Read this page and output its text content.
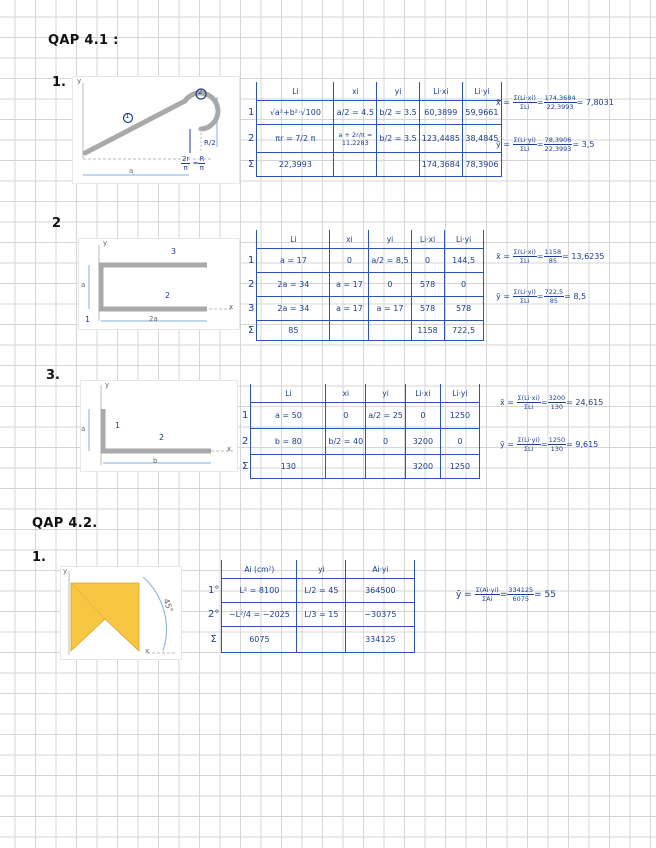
QAP 4.1 :
QAP 4.2.
1. y
1
2
R/2
a	$\frac{2r}{\pi} = \frac{R}{\pi}$
	Li	xi	yi	Li·xi	Li·yi
1	√a²+b²·√100	a/2 = 4.5	b/2 = 3.5	60,3899	59,9661
2	πr = 7/2 π	a + 2r/π = 11,2283	b/2 = 3.5	123,4485	38,4845
Σ	22,3993			174,3684	78,3906
x̄ = $\frac{\Sigma(Li\cdot xi)}{\text{ΣLi}} = \frac{174,3684}{22,3993} = 7,8031$
ȳ = $\frac{\Sigma(Li\cdot yi)}{\text{ΣLi}} = \frac{78,3906}{22,3993} = 3,5$
2
y
3
2
1
a
2a
x
	Li	xi	yi	Li·xi	Li·yi
1	a = 17	0	a/2 = 8,5	0	144,5
2	2a = 34	a = 17	0	578	0
3	2a = 34	a = 17	a = 17	578	578
Σ	85			1158	722,5
x̄ = $\frac{\Sigma(Li\cdot xi)}{\text{ΣLi}} = \frac{1158}{85} = 13,6235$
ȳ = $\frac{\Sigma(Li\cdot yi)}{\text{ΣLi}} = \frac{722,5}{85} = 8,5$
3.
y
1
2
a
b
x
	Li	xi	yi	Li·xi	Li·yi
1	a = 50	0	a/2 = 25	0	1250
2	b = 80	b/2 = 40	0	3200	0
Σ	130			3200	1250
x̄ = $\frac{\Sigma(Li\cdot xi)}{\text{ΣLi}} = \frac{3200}{130} = 24,615$
ȳ = $\frac{\Sigma(Li\cdot yi)}{\text{ΣLi}} = \frac{1250}{130} = 9,615$
1.
y
45°
x
	Ai (cm²)	yi	Ai·yi
1°	L² = 8100	L/2 = 45	364500
2°	−L²/4 = −2025	L/3 = 15	−30375
Σ	6075		334125
ȳ = $\frac{\Sigma(Ai\cdot yi)}{\text{ΣAi}} = \frac{334125}{6075} = 55$
